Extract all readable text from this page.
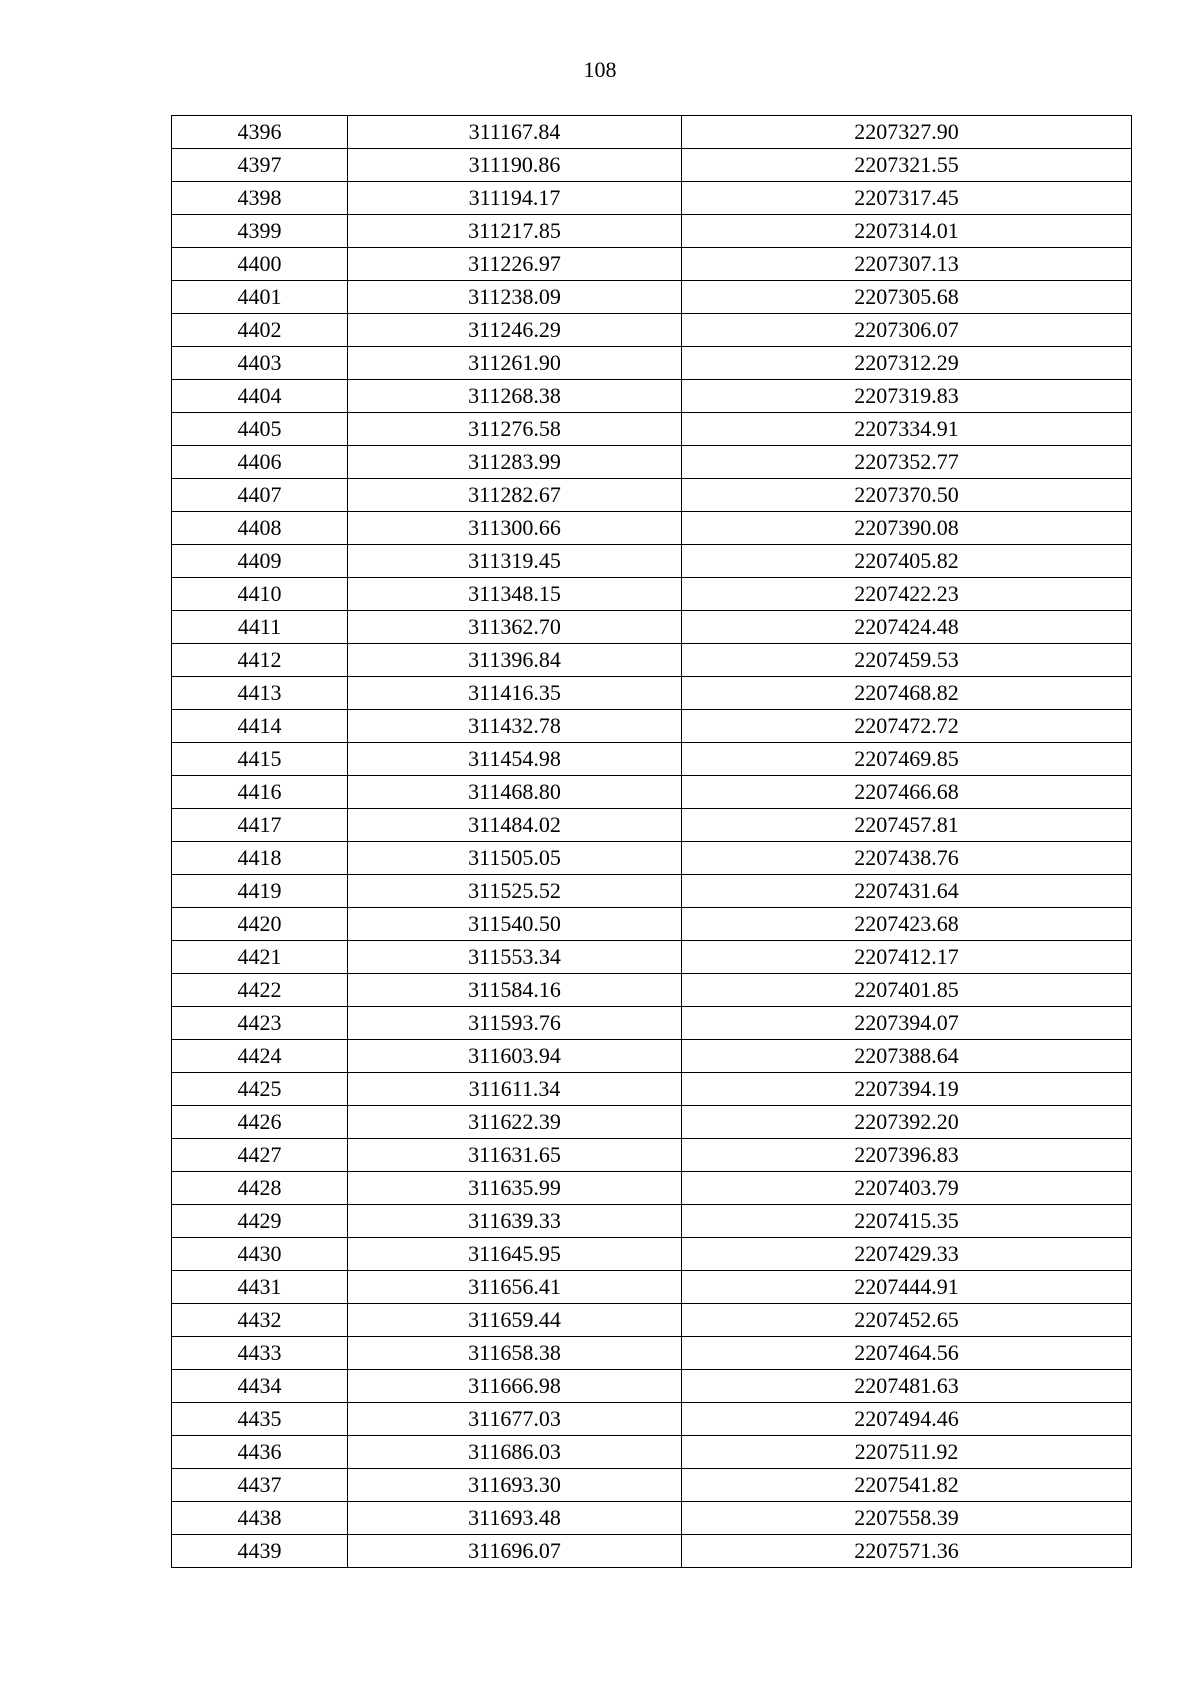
108
4396	311167.84	2207327.90
4397	311190.86	2207321.55
4398	311194.17	2207317.45
4399	311217.85	2207314.01
4400	311226.97	2207307.13
4401	311238.09	2207305.68
4402	311246.29	2207306.07
4403	311261.90	2207312.29
4404	311268.38	2207319.83
4405	311276.58	2207334.91
4406	311283.99	2207352.77
4407	311282.67	2207370.50
4408	311300.66	2207390.08
4409	311319.45	2207405.82
4410	311348.15	2207422.23
4411	311362.70	2207424.48
4412	311396.84	2207459.53
4413	311416.35	2207468.82
4414	311432.78	2207472.72
4415	311454.98	2207469.85
4416	311468.80	2207466.68
4417	311484.02	2207457.81
4418	311505.05	2207438.76
4419	311525.52	2207431.64
4420	311540.50	2207423.68
4421	311553.34	2207412.17
4422	311584.16	2207401.85
4423	311593.76	2207394.07
4424	311603.94	2207388.64
4425	311611.34	2207394.19
4426	311622.39	2207392.20
4427	311631.65	2207396.83
4428	311635.99	2207403.79
4429	311639.33	2207415.35
4430	311645.95	2207429.33
4431	311656.41	2207444.91
4432	311659.44	2207452.65
4433	311658.38	2207464.56
4434	311666.98	2207481.63
4435	311677.03	2207494.46
4436	311686.03	2207511.92
4437	311693.30	2207541.82
4438	311693.48	2207558.39
4439	311696.07	2207571.36
